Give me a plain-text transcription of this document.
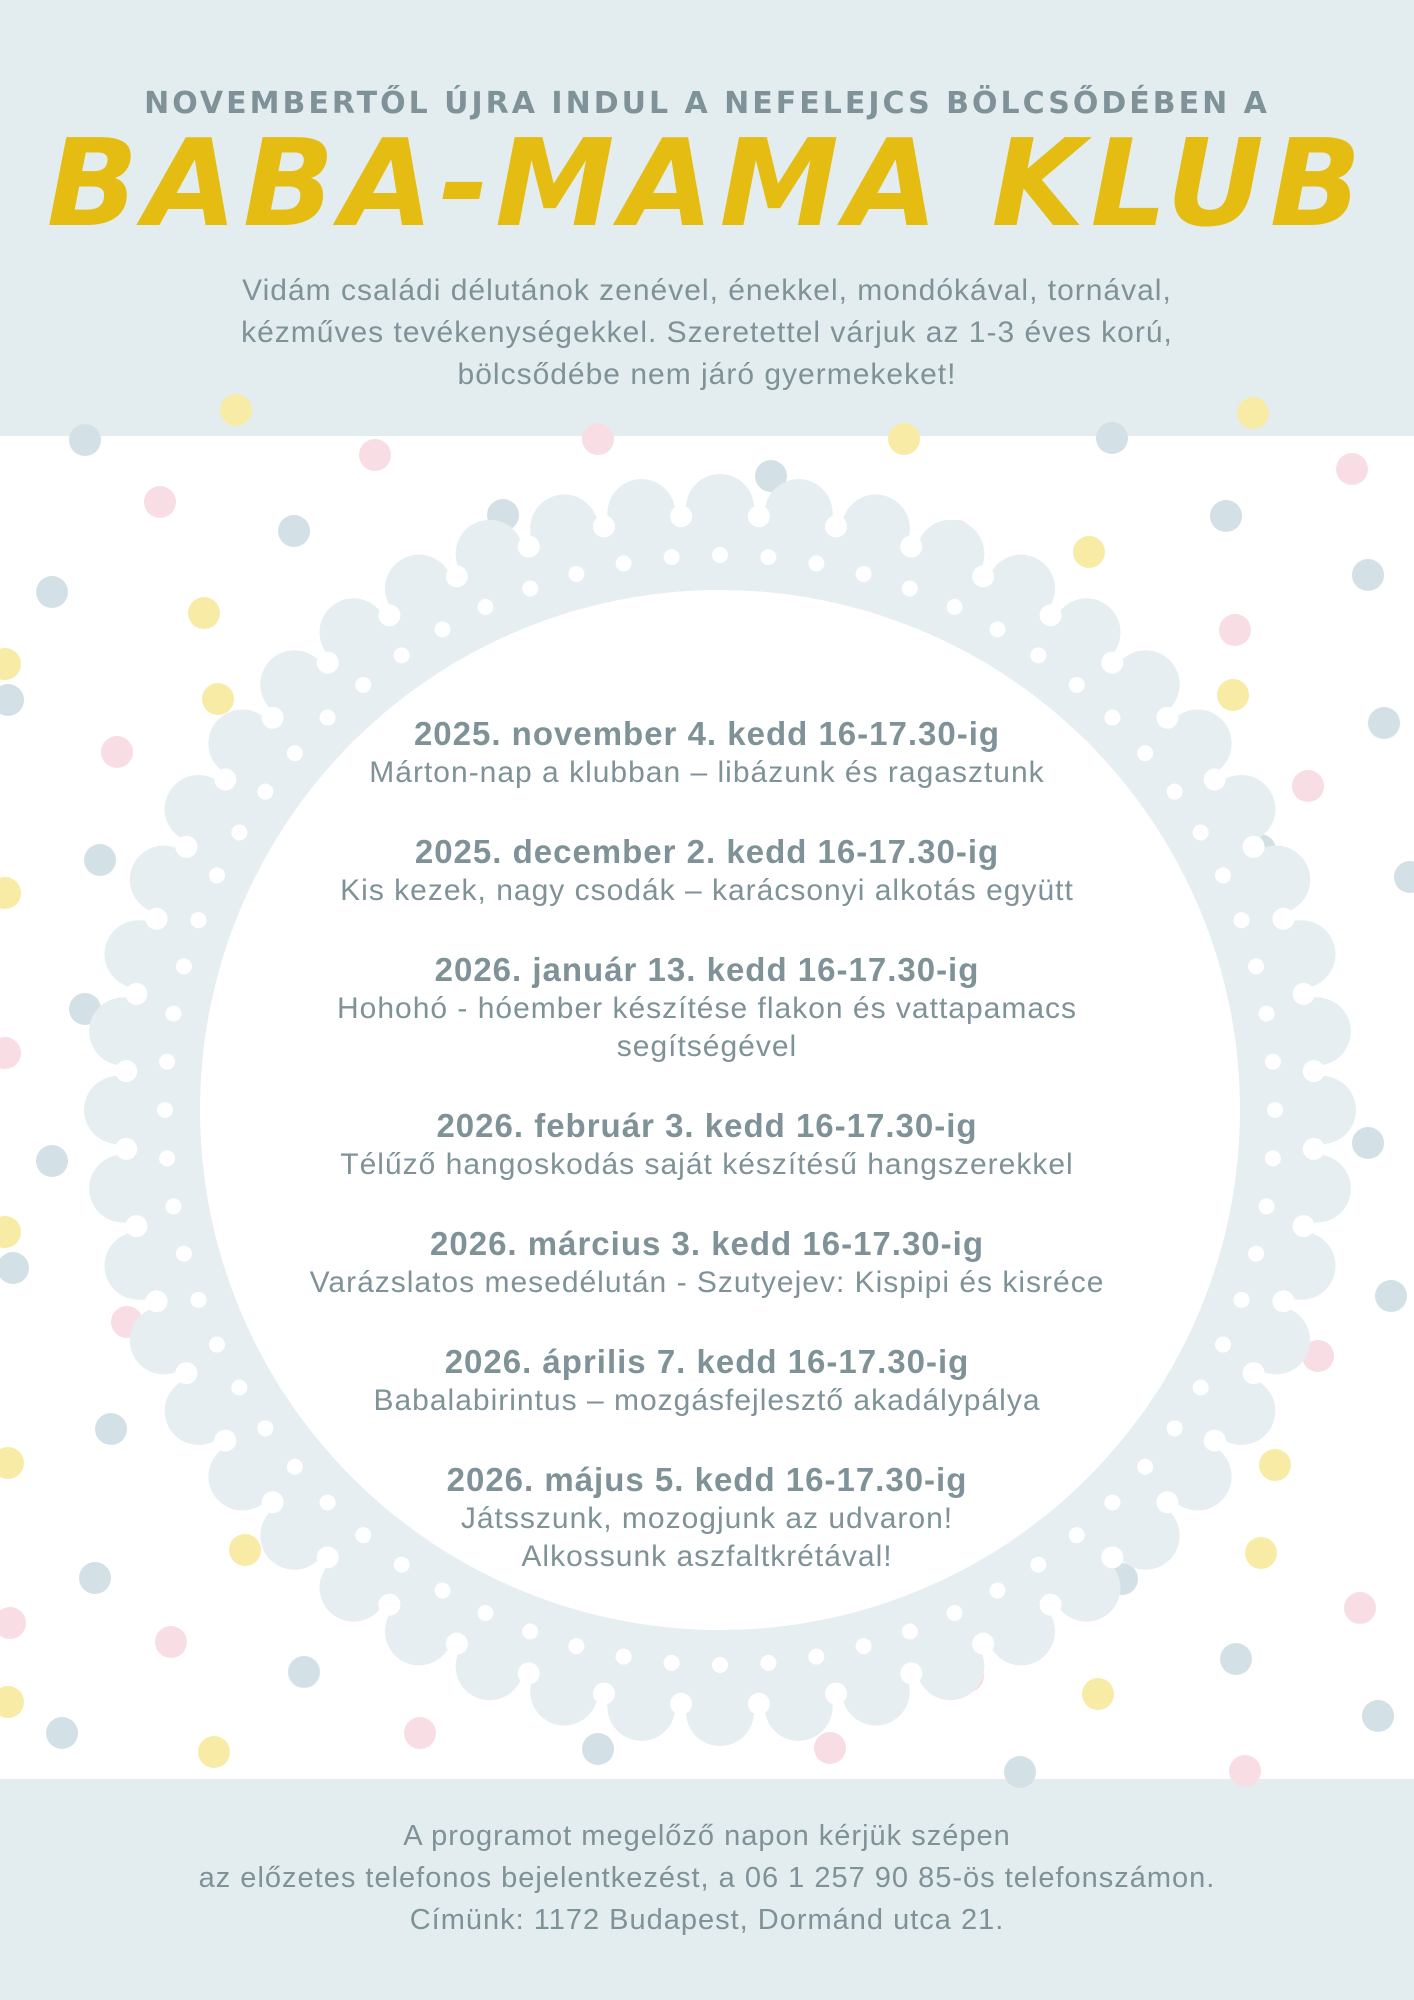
NOVEMBERTŐL ÚJRA INDUL A NEFELEJCS BÖLCSŐDÉBEN A
BABA-MAMA KLUB
Vidám családi délutánok zenével, énekkel, mondókával, tornával,
kézműves tevékenységekkel. Szeretettel várjuk az 1-3 éves korú,
bölcsődébe nem járó gyermekeket!
2025. november 4. kedd 16-17.30-ig
Márton-nap a klubban – libázunk és ragasztunk
2025. december 2. kedd 16-17.30-ig
Kis kezek, nagy csodák – karácsonyi alkotás együtt
2026. január 13. kedd 16-17.30-ig
Hohohó - hóember készítése flakon és vattapamacs
segítségével
2026. február 3. kedd 16-17.30-ig
Télűző hangoskodás saját készítésű hangszerekkel
2026. március 3. kedd 16-17.30-ig
Varázslatos mesedélután - Szutyejev: Kispipi és kisréce
2026. április 7. kedd 16-17.30-ig
Babalabirintus – mozgásfejlesztő akadálypálya
2026. május 5. kedd 16-17.30-ig
Játsszunk, mozogjunk az udvaron!
Alkossunk aszfaltkrétával!
A programot megelőző napon kérjük szépen
az előzetes telefonos bejelentkezést, a 06 1 257 90 85-ös telefonszámon.
Címünk: 1172 Budapest, Dormánd utca 21.
